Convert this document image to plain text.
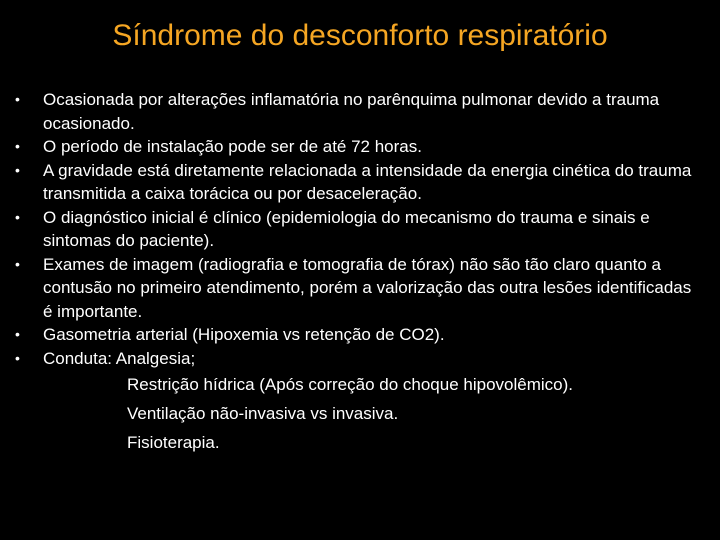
Síndrome do desconforto respiratório
• Ocasionada por alterações inflamatória no parênquima pulmonar devido a trauma ocasionado.
• O período de instalação pode ser de até 72 horas.
• A gravidade está diretamente relacionada a intensidade da energia cinética do trauma transmitida a caixa torácica ou por desaceleração.
• O diagnóstico inicial é clínico (epidemiologia do mecanismo do trauma e sinais e sintomas do paciente).
• Exames de imagem (radiografia e tomografia de tórax) não são tão claro quanto a contusão no primeiro atendimento, porém a valorização das outra lesões identificadas é importante.
• Gasometria arterial (Hipoxemia vs retenção de CO2).
• Conduta: Analgesia;
Restrição hídrica (Após correção do choque hipovolêmico).
Ventilação não-invasiva vs invasiva.
Fisioterapia.
